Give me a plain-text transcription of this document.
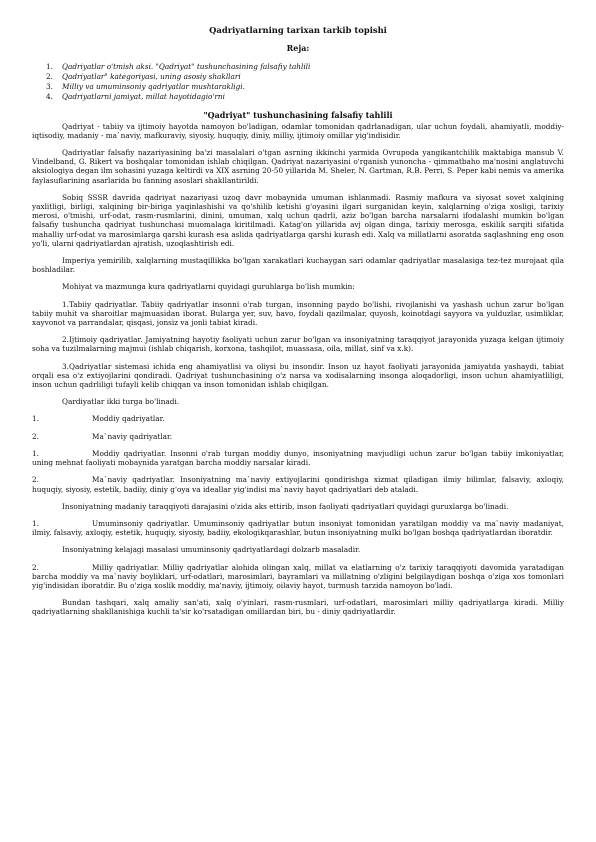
Qadriyatlarning tarixan tarkib topishi
Reja:
1.	Qadriyatlar o'tmish aksi. "Qadriyat" tushunchasining falsafiy tahlili
2.	Qadriyatlar" kategoriyasi, uning asosiy shakllari
3.	Milliy va umuminsoniy qadriyatlar mushtarakligi.
4.	Qadriyatlarni jamiyat, millat hayotidagio'rni
"Qadriyat" tushunchasining falsafiy tahlili

Qadriyat - tabiiy va ijtimoiy hayotda namoyon bo'ladigan, odamlar tomonidan qadrlanadigan, ular uchun foydali, ahamiyatli, moddiy-iqtisodiy, madaniy - ma`naviy, mafkuraviy, siyosiy, huquqiy, diniy, milliy, ijtimoiy omillar yig'indisidir.

Qadriyatlar falsafiy nazariyasining ba'zi masalalari o'tgan asrning ikkinchi yarmida Ovrupoda yangikantchilik maktabiga mansub V. Vindelband, G. Rikert va boshqalar tomonidan ishlab chiqilgan. Qadriyat nazariyasini o'rganish yunoncha - qimmatbaho ma'nosini anglatuvchi aksiologiya degan ilm sohasini yuzaga keltirdi va XIX asrning 20-50 yillarida M. Sheler, N. Gartman, R.B. Perri, S. Peper kabi nemis va amerika faylasuflarining asarlarida bu fanning asoslari shakllantirildi.

Sobiq SSSR davrida qadriyat nazariyasi uzoq davr mobaynida umuman ishlanmadi. Rasmiy mafkura va siyosat sovet xalqining yaxlitligi, birligi, xalqining bir-biriga yaqinlashishi va qo'shilib ketishi g'oyasini ilgari surganidan keyin, xalqlarning o'ziga xosligi, tarixiy merosi, o'tmishi, urf-odat, rasm-rusmlarini, dinini, umuman, xalq uchun qadrli, aziz bo'lgan barcha narsalarni ifodalashi mumkin bo'lgan falsafiy tushuncha qadriyat tushunchasi muomalaga kiritilmadi. Katag'on yillarida avj olgan dinga, tarixiy merosga, eskilik sarqiti sifatida mahalliy urf-odat va marosimlarga qarshi kurash esa aslida qadriyatlarga qarshi kurash edi. Xalq va millatlarni asoratda saqlashning eng oson yo'li, ularni qadriyatlardan ajratish, uzoqlashtirish edi.

Imperiya yemirilib, xalqlarning mustaqillikka bo'lgan xarakatlari kuchaygan sari odamlar qadriyatlar masalasiga tez-tez murojaat qila boshladilar.

Mohiyat va mazmunga kura qadriyatlarni quyidagi guruhlarga bo'lish mumkin:

1.Tabiiy qadriyatlar. Tabiiy qadriyatlar insonni o'rab turgan, insonning paydo bo'lishi, rivojlanishi va yashash uchun zarur bo'lgan tabiiy muhit va sharoitlar majmuasidan iborat. Bularga yer, suv, havo, foydali qazilmalar, quyosh, koinotdagi sayyora va yulduzlar, usimliklar, xayvonot va parrandalar, qisqasi, jonsiz va jonli tabiat kiradi.

2.Ijtimoiy qadriyatlar. Jamiyatning hayotiy faoliyati uchun zarur bo'lgan va insoniyatning taraqqiyot jarayonida yuzaga kelgan ijtimoiy soha va tuzilmalarning majmui (ishlab chiqarish, korxona, tashqilot, muassasa, oila, millat, sinf va x.k).

3.Qadriyatlar sistemasi ichida eng ahamiyatlisi va oliysi bu insondir. Inson uz hayot faoliyati jarayonida jamiyatda yashaydi, tabiat orqali esa o'z extiyojlarini qondiradi. Qadriyat tushunchasining o'z narsa va xodisalarning insonga aloqadorligi, inson uchun ahamiyatliligi, inson uchun qadrliligi tufayli kelib chiqqan va inson tomonidan ishlab chiqilgan.

Qardiyatlar ikki turga bo'linadi.

1.	Moddiy qadriyatlar.
2.	Ma`naviy qadriyatlar.
1.	Moddiy qadriyatlar. Insonni o'rab turgan moddiy dunyo, insoniyatning mavjudligi uchun zarur bo'lgan tabiiy imkoniyatlar, uning mehnat faoliyati mobaynida yaratgan barcha moddiy narsalar kiradi.
2.	Ma`naviy qadriyatlar. Insoniyatning ma`naviy extiyojlarini qondirishga xizmat qiladigan ilmiy bilimlar, falsaviy, axloqiy, huquqiy, siyosiy, estetik, badiiy, diniy g'oya va ideallar yig'indisi ma`naviy hayot qadriyatlari deb ataladi.

Insoniyatning madaniy taraqqiyoti darajasini o'zida aks ettirib, inson faoliyati qadriyatlari quyidagi guruxlarga bo'linadi.

1.	Umuminsoniy qadriyatlar. Umuminsoniy qadriyatlar butun insoniyat tomonidan yaratilgan moddiy va ma`naviy madaniyat, ilmiy, falsaviy, axloqiy, estetik, huquqiy, siyosiy, badiiy, ekologikqarashlar, butun insoniyatning mulki bo'lgan boshqa qadriyatlardan iboratdir.

Insoniyatning kelajagi masalasi umuminsoniy qadriyatlardagi dolzarb masaladir.

2.	Milliy qadriyatlar. Milliy qadriyatlar alohida olingan xalq, millat va elatlarning o'z tarixiy taraqqiyoti davomida yaratadigan barcha moddiy va ma`naviy boyliklari, urf-odatlari, marosimlari, bayramlari va millatning o'zligini belgilaydigan boshqa o'ziga xos tomonlari yig'indisidan iboratdir. Bu o'ziga xoslik moddiy, ma'naviy, ijtimoiy, oilaviy hayot, turmush tarzida namoyon bo'ladi.

Bundan tashqari, xalq amaliy san'ati, xalq o'yinlari, rasm-rusmlari, urf-odatlari, marosimlari milliy qadriyatlarga kiradi. Milliy qadriyatlarning shakllanishiga kuchli ta'sir ko'rsatadigan omillardan biri, bu - diniy qadriyatlardir.
